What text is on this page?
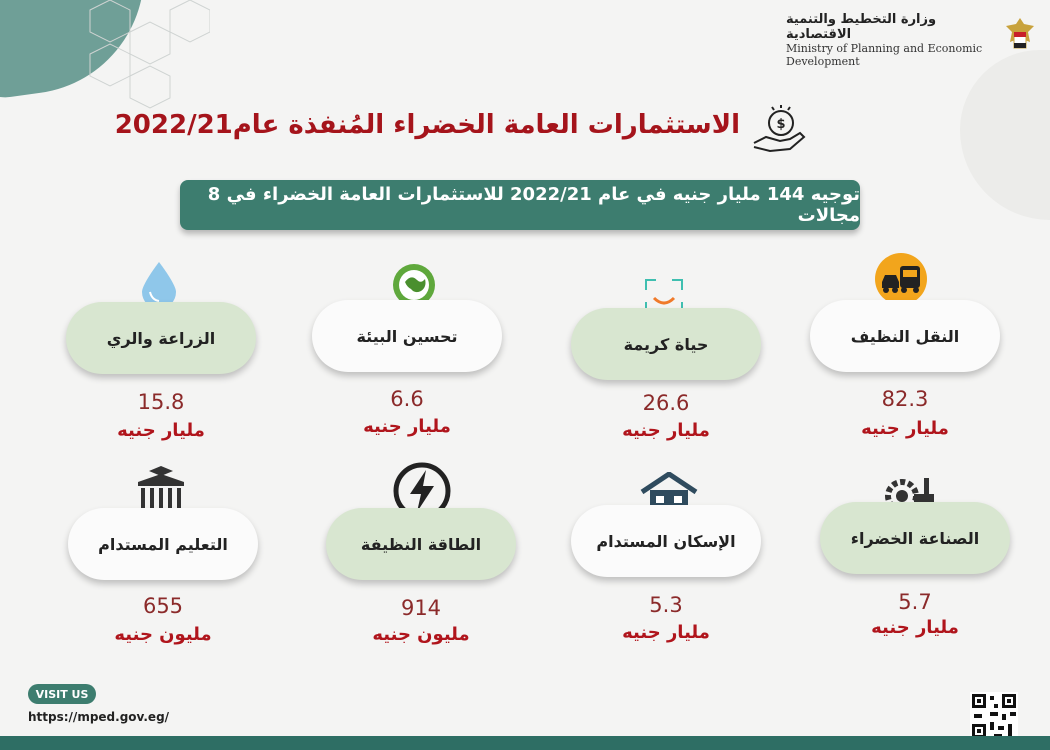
وزارة التخطيط والتنمية الاقتصادية
Ministry of Planning and Economic
Development
الاستثمارات العامة الخضراء المُنفذة عام2022/21	$
توجيه 144 مليار جنيه في عام 2022/21 للاستثمارات العامة الخضراء في 8 مجالات
النقل النظيف
82.3
مليار جنيه
حياة كريمة
26.6
مليار جنيه
تحسين البيئة
6.6
مليار جنيه
الزراعة والري
15.8
مليار جنيه
الصناعة الخضراء
5.7
مليار جنيه
الإسكان المستدام
5.3
مليار جنيه
الطاقة النظيفة
914
مليون جنيه
التعليم المستدام
655
مليون جنيه
VISIT US
https://mped.gov.eg/
